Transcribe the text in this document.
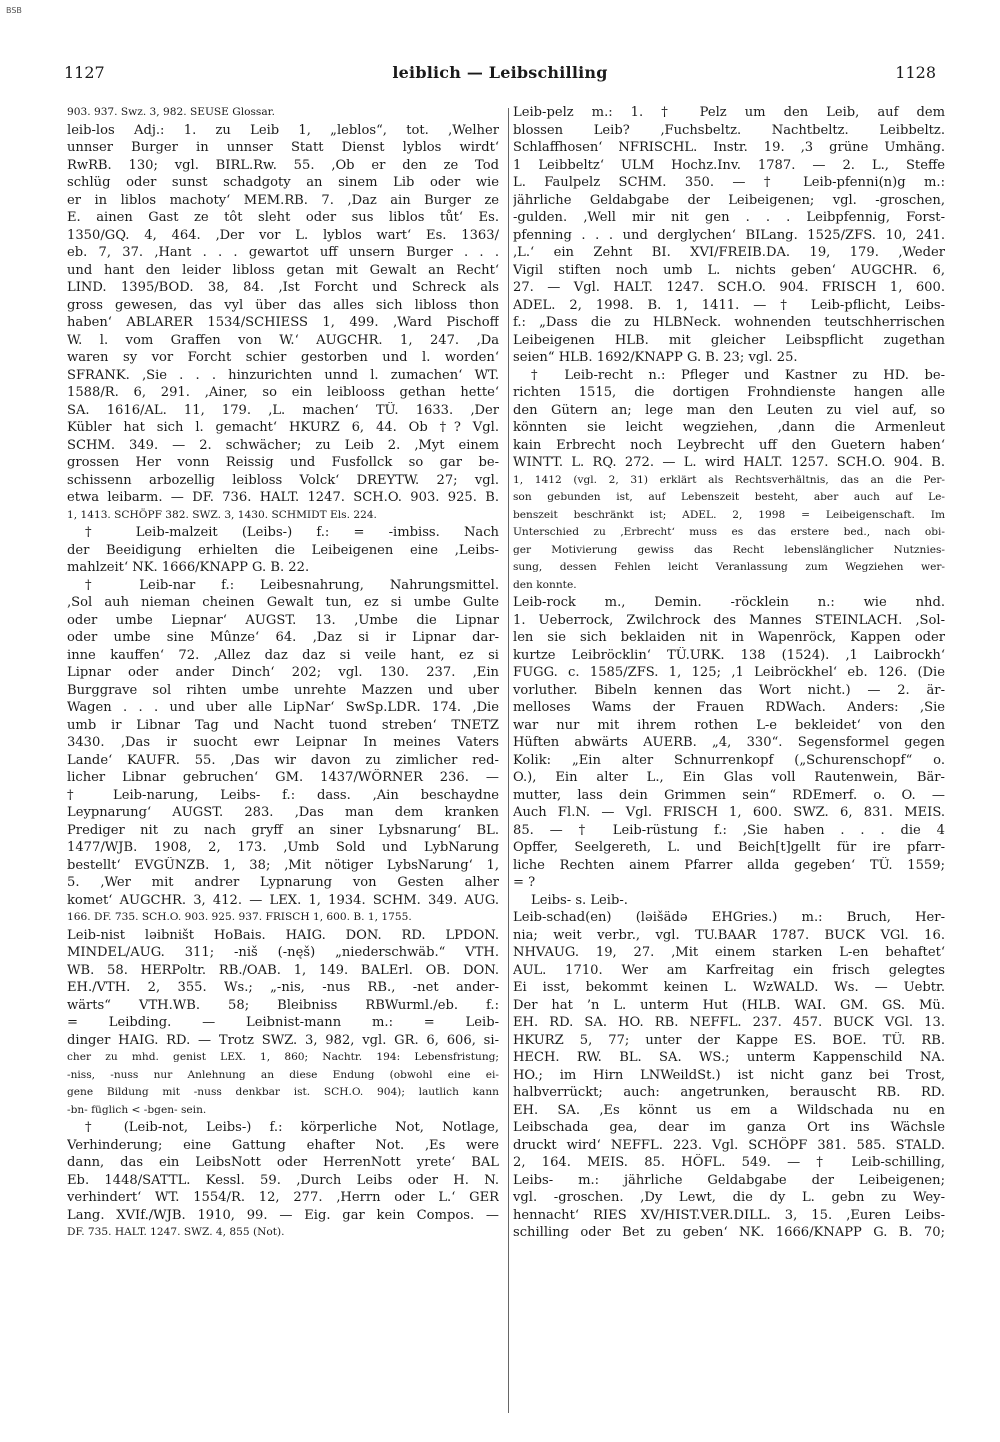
BSB
1127	leiblich — Leibschilling	1128
903. 937. Swz. 3, 982. SEUSE Glossar.
leib-los Adj.: 1. zu Leib 1, „leblos“, tot. ‚Welher
unnser Burger in unnser Statt Dienst lyblos wirdt‘
RwRB. 130; vgl. BIRL.Rw. 55. ‚Ob er den ze Tod
schlüg oder sunst schadgoty an sinem Lib oder wie
er in liblos machoty‘ MEM.RB. 7. ‚Daz ain Burger ze
E. ainen Gast ze tôt sleht oder sus liblos tůt‘ Es.
1350/GQ. 4, 464. ‚Der vor L. lyblos wart‘ Es. 1363/
eb. 7, 37. ‚Hant . . . gewartot uff unsern Burger . . .
und hant den leider libloss getan mit Gewalt an Recht‘
LIND. 1395/BOD. 38, 84. ‚Ist Forcht und Schreck als
gross gewesen, das vyl über das alles sich libloss thon
haben‘ ABLARER 1534/SCHIESS 1, 499. ‚Ward Pischoff
W. l. vom Graffen von W.‘ AUGCHR. 1, 247. ‚Da
waren sy vor Forcht schier gestorben und l. worden‘
SFRANK. ‚Sie . . . hinzurichten unnd l. zumachen‘ WT.
1588/R. 6, 291. ‚Ainer, so ein leiblooss gethan hette‘
SA. 1616/AL. 11, 179. ‚L. machen‘ TÜ. 1633. ‚Der
Kübler hat sich l. gemacht‘ HKURZ 6, 44. Ob †? Vgl.
SCHM. 349. — 2. schwächer; zu Leib 2. ‚Myt einem
grossen Her vonn Reissig und Fusfollck so gar be-
schissenn arbozellig leibloss Volck‘ DREYTW. 27; vgl.
etwa leibarm. — DF. 736. HALT. 1247. SCH.O. 903. 925. B.
1, 1413. SCHÖPF 382. SWZ. 3, 1430. SCHMIDT Els. 224.
† Leib-malzeit (Leibs-) f.: = -imbiss. Nach
der Beeidigung erhielten die Leibeigenen eine ‚Leibs-
mahlzeit‘ NK. 1666/KNAPP G. B. 22.
† Leib-nar f.: Leibesnahrung, Nahrungsmittel.
‚Sol auh nieman cheinen Gewalt tun, ez si umbe Gulte
oder umbe Liepnar‘ AUGST. 13. ‚Umbe die Lipnar
oder umbe sine Mûnze‘ 64. ‚Daz si ir Lipnar dar-
inne kauffen‘ 72. ‚Allez daz daz si veile hant, ez si
Lipnar oder ander Dinch‘ 202; vgl. 130. 237. ‚Ein
Burggrave sol rihten umbe unrehte Mazzen und uber
Wagen . . . und uber alle LipNar‘ SwSp.LDR. 174. ‚Die
umb ir Libnar Tag und Nacht tuond streben‘ TNETZ
3430. ‚Das ir suocht ewr Leipnar In meines Vaters
Lande‘ KAUFR. 55. ‚Das wir davon zu zimlicher red-
licher Libnar gebruchen‘ GM. 1437/WÖRNER 236. —
† Leib-narung, Leibs- f.: dass. ‚Ain beschaydne
Leypnarung‘ AUGST. 283. ‚Das man dem kranken
Prediger nit zu nach gryff an siner Lybsnarung‘ BL.
1477/WJB. 1908, 2, 173. ‚Umb Sold und LybNarung
bestellt‘ EVGÜNZB. 1, 38; ‚Mit nötiger LybsNarung‘ 1,
5. ‚Wer mit andrer Lypnarung von Gesten alher
komet‘ AUGCHR. 3, 412. — LEX. 1, 1934. SCHM. 349. AUG.
166. DF. 735. SCH.O. 903. 925. 937. FRISCH 1, 600. B. 1, 1755.
Leib-nist ləibništ HoBais. HAIG. DON. RD. LPDON.
MINDEL/AUG. 311; -niš (-nęš) „niederschwäb.“ VTH.
WB. 58. HERPoltr. RB./OAB. 1, 149. BALErl. OB. DON.
EH./VTH. 2, 355. Ws.; „-nis, -nus RB., -net ander-
wärts“ VTH.WB. 58; Bleibniss RBWurml./eb. f.:
= Leibding. — Leibnist-mann m.: = Leib-
dinger HAIG. RD. — Trotz SWZ. 3, 982, vgl. GR. 6, 606, si-
cher zu mhd. genist LEX. 1, 860; Nachtr. 194: Lebensfristung;
-niss, -nuss nur Anlehnung an diese Endung (obwohl eine ei-
gene Bildung mit -nuss denkbar ist. SCH.O. 904); lautlich kann
-bn- füglich < -bgen- sein.
† (Leib-not, Leibs-) f.: körperliche Not, Notlage,
Verhinderung; eine Gattung ehafter Not. ‚Es were
dann, das ein LeibsNott oder HerrenNott yrete‘ BAL
Eb. 1448/SATTL. Kessl. 59. ‚Durch Leibs oder H. N.
verhindert‘ WT. 1554/R. 12, 277. ‚Herrn oder L.‘ GER
Lang. XVIf./WJB. 1910, 99. — Eig. gar kein Compos. —
DF. 735. HALT. 1247. SWZ. 4, 855 (Not).
Leib-pelz m.: 1. † Pelz um den Leib, auf dem
blossen Leib? ‚Fuchsbeltz. Nachtbeltz. Leibbeltz.
Schlaffhosen‘ NFRISCHL. Instr. 19. ‚3 grüne Umhäng.
1 Leibbeltz‘ ULM Hochz.Inv. 1787. — 2. L., Steffe
L. Faulpelz SCHM. 350. — † Leib-pfenni(n)g m.:
jährliche Geldabgabe der Leibeigenen; vgl. -groschen,
-gulden. ‚Well mir nit gen . . . Leibpfennig, Forst-
pfenning . . . und derglychen‘ BILang. 1525/ZFS. 10, 241.
‚L.‘ ein Zehnt BI. XVI/FREIB.DA. 19, 179. ‚Weder
Vigil stiften noch umb L. nichts geben‘ AUGCHR. 6,
27. — Vgl. HALT. 1247. SCH.O. 904. FRISCH 1, 600.
ADEL. 2, 1998. B. 1, 1411. — † Leib-pflicht, Leibs-
f.: „Dass die zu HLBNeck. wohnenden teutschherrischen
Leibeigenen HLB. mit gleicher Leibspflicht zugethan
seien“ HLB. 1692/KNAPP G. B. 23; vgl. 25.
† Leib-recht n.: Pfleger und Kastner zu HD. be-
richten 1515, die dortigen Frohndienste hangen alle
den Gütern an; lege man den Leuten zu viel auf, so
könnten sie leicht wegziehen, ‚dann die Armenleut
kain Erbrecht noch Leybrecht uff den Guetern haben‘
WINTT. L. RQ. 272. — L. wird HALT. 1257. SCH.O. 904. B.
1, 1412 (vgl. 2, 31) erklärt als Rechtsverhältnis, das an die Per-
son gebunden ist, auf Lebenszeit besteht, aber auch auf Le-
benszeit beschränkt ist; ADEL. 2, 1998 = Leibeigenschaft. Im
Unterschied zu ‚Erbrecht‘ muss es das erstere bed., nach obi-
ger Motivierung gewiss das Recht lebenslänglicher Nutznies-
sung, dessen Fehlen leicht Veranlassung zum Wegziehen wer-
den konnte.
Leib-rock m., Demin. -röcklein n.: wie nhd.
1. Ueberrock, Zwilchrock des Mannes STEINLACH. ‚Sol-
len sie sich beklaiden nit in Wapenröck, Kappen oder
kurtze Leibröcklin‘ TÜ.URK. 138 (1524). ‚1 Laibrockh‘
FUGG. c. 1585/ZFS. 1, 125; ‚1 Leibröckhel‘ eb. 126. (Die
vorluther. Bibeln kennen das Wort nicht.) — 2. är-
melloses Wams der Frauen RDWach. Anders: ‚Sie
war nur mit ihrem rothen L-e bekleidet‘ von den
Hüften abwärts AUERB. „4, 330“. Segensformel gegen
Kolik: „Ein alter Schnurrenkopf („Schurenschopf“ o.
O.), Ein alter L., Ein Glas voll Rautenwein, Bär-
mutter, lass dein Grimmen sein“ RDEmerf. o. O. —
Auch Fl.N. — Vgl. FRISCH 1, 600. SWZ. 6, 831. MEIS.
85. — † Leib-rüstung f.: ‚Sie haben . . . die 4
Opffer, Seelgereth, L. und Beich[t]gellt für ire pfarr-
liche Rechten ainem Pfarrer allda gegeben‘ TÜ. 1559;
= ?
Leibs- s. Leib-.
Leib-schad(en) (ləišädə EHGries.) m.: Bruch, Her-
nia; weit verbr., vgl. TU.BAAR 1787. BUCK VGl. 16.
NHVAUG. 19, 27. ‚Mit einem starken L-en behaftet‘
AUL. 1710. Wer am Karfreitag ein frisch gelegtes
Ei isst, bekommt keinen L. WzWALD. Ws. — Uebtr.
Der hat ’n L. unterm Hut (HLB. WAI. GM. GS. Mü.
EH. RD. SA. HO. RB. NEFFL. 237. 457. BUCK VGl. 13.
HKURZ 5, 77; unter der Kappe ES. BOE. TÜ. RB.
HECH. RW. BL. SA. WS.; unterm Kappenschild NA.
HO.; im Hirn LNWeildSt.) ist nicht ganz bei Trost,
halbverrückt; auch: angetrunken, berauscht RB. RD.
EH. SA. ‚Es könnt us em a Wildschada nu en
Leibschada gea, dear im ganza Ort ins Wächsle
druckt wird‘ NEFFL. 223. Vgl. SCHÖPF 381. 585. STALD.
2, 164. MEIS. 85. HÖFL. 549. — † Leib-schilling,
Leibs- m.: jährliche Geldabgabe der Leibeigenen;
vgl. -groschen. ‚Dy Lewt, die dy L. gebn zu Wey-
hennacht‘ RIES XV/HIST.VER.DILL. 3, 15. ‚Euren Leibs-
schilling oder Bet zu geben‘ NK. 1666/KNAPP G. B. 70;
